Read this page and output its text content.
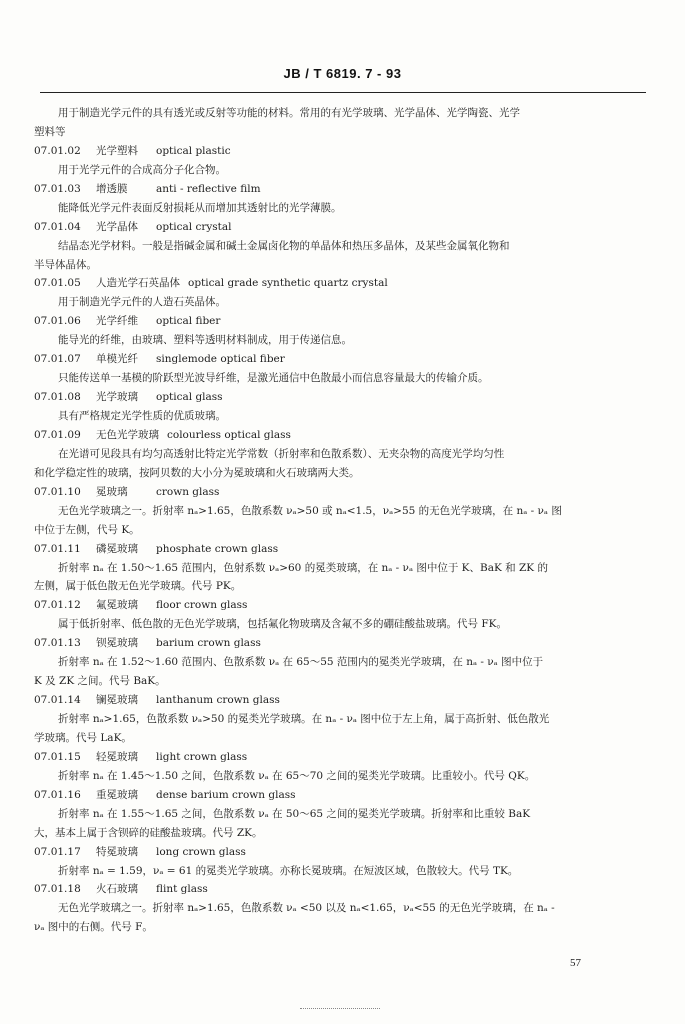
JB / T 6819. 7 - 93
用于制造光学元件的具有透光或反射等功能的材料。常用的有光学玻璃、光学晶体、光学陶瓷、光学
塑料等
07.01.02 光学塑料 optical plastic
用于光学元件的合成高分子化合物。
07.01.03 增透膜	anti - reflective film
能降低光学元件表面反射损耗从而增加其透射比的光学薄膜。
07.01.04 光学晶体 optical crystal
结晶态光学材料。一般是指碱金属和碱土金属卤化物的单晶体和热压多晶体，及某些金属氧化物和
半导体晶体。
07.01.05 人造光学石英晶体 optical grade synthetic quartz crystal
用于制造光学元件的人造石英晶体。
07.01.06 光学纤维 optical fiber
能导光的纤维，由玻璃、塑料等透明材料制成，用于传递信息。
07.01.07 单模光纤 singlemode optical fiber
只能传送单一基模的阶跃型光波导纤维，是激光通信中色散最小而信息容量最大的传输介质。
07.01.08 光学玻璃 optical glass
具有严格规定光学性质的优质玻璃。
07.01.09 无色光学玻璃 colourless optical glass
在光谱可见段具有均匀高透射比特定光学常数（折射率和色散系数）、无夹杂物的高度光学均匀性
和化学稳定性的玻璃，按阿贝数的大小分为冕玻璃和火石玻璃两大类。
07.01.10 冕玻璃	crown glass
无色光学玻璃之一。折射率 nₐ>1.65，色散系数 νₐ>50 或 nₐ<1.5，νₐ>55 的无色光学玻璃，在 nₐ - νₐ 图
中位于左侧，代号 K。
07.01.11 磷冕玻璃 phosphate crown glass
折射率 nₐ 在 1.50～1.65 范围内，色射系数 νₐ>60 的冕类玻璃，在 nₐ - νₐ 图中位于 K、BaK 和 ZK 的
左侧，属于低色散无色光学玻璃。代号 PK。
07.01.12 氟冕玻璃 floor crown glass
属于低折射率、低色散的无色光学玻璃，包括氟化物玻璃及含氟不多的硼硅酸盐玻璃。代号 FK。
07.01.13 钡冕玻璃 barium crown glass
折射率 nₐ 在 1.52～1.60 范围内、色散系数 νₐ 在 65～55 范围内的冕类光学玻璃，在 nₐ - νₐ 图中位于
K 及 ZK 之间。代号 BaK。
07.01.14 镧冕玻璃 lanthanum crown glass
折射率 nₐ>1.65，色散系数 νₐ>50 的冕类光学玻璃。在 nₐ - νₐ 图中位于左上角，属于高折射、低色散光
学玻璃。代号 LaK。
07.01.15 轻冕玻璃 light crown glass
折射率 nₐ 在 1.45～1.50 之间，色散系数 νₐ 在 65～70 之间的冕类光学玻璃。比重较小。代号 QK。
07.01.16 重冕玻璃 dense barium crown glass
折射率 nₐ 在 1.55～1.65 之间，色散系数 νₐ 在 50～65 之间的冕类光学玻璃。折射率和比重较 BaK
大，基本上属于含钡碎的硅酸盐玻璃。代号 ZK。
07.01.17 特冕玻璃 long crown glass
折射率 nₐ = 1.59，νₐ = 61 的冕类光学玻璃。亦称长冕玻璃。在短波区域，色散较大。代号 TK。
07.01.18 火石玻璃 flint glass
无色光学玻璃之一。折射率 nₐ>1.65，色散系数 νₐ <50 以及 nₐ<1.65，νₐ<55 的无色光学玻璃，在 nₐ -
νₐ 图中的右侧。代号 F。
57
